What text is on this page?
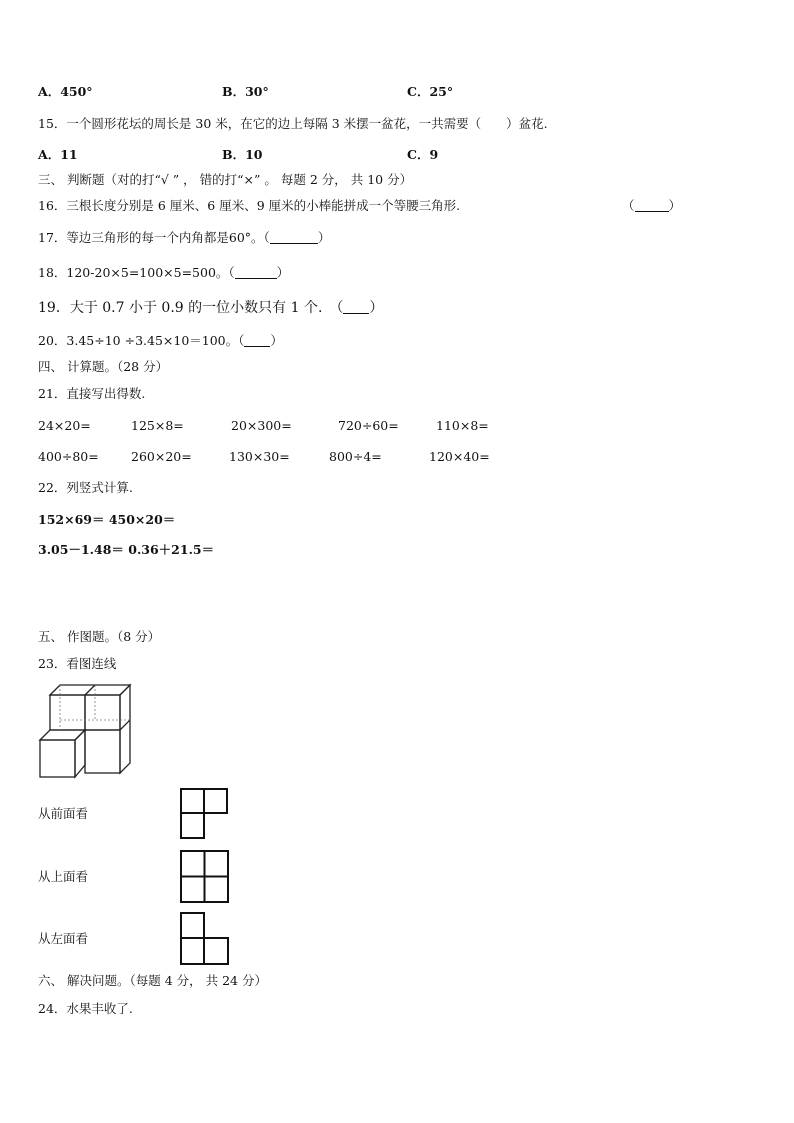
A．450°	B．30°	C．25°
15．一个圆形花坛的周长是 30 米，在它的边上每隔 3 米摆一盆花，一共需要（　　）盆花.
A．11	B．10	C．9
三、 判断题（对的打“√ ” ， 错的打“×” 。 每题 2 分， 共 10 分）
16．三根长度分别是 6 厘米、6 厘米、9 厘米的小棒能拼成一个等腰三角形.	（	）
17．等边三角形的每一个内角都是60°。（	）
18．120-20×5=100×5=500。（	）
19．大于 0.7 小于 0.9 的一位小数只有 1 个.　（ ）
20．3.45÷10 ÷3.45×10＝100。（ ）
四、 计算题。（28 分）
21．直接写出得数.
24×20=	125×8=	20×300=	720÷60=	110×8=
400÷80=	260×20=	130×30=	800÷4=	120×40=
22．列竖式计算.
152×69＝ 450×20＝
3.05－1.48＝ 0.36＋21.5＝
五、 作图题。（8 分）
23．看图连线
从前面看
从上面看
从左面看
六、 解决问题。（每题 4 分， 共 24 分）
24．水果丰收了.
